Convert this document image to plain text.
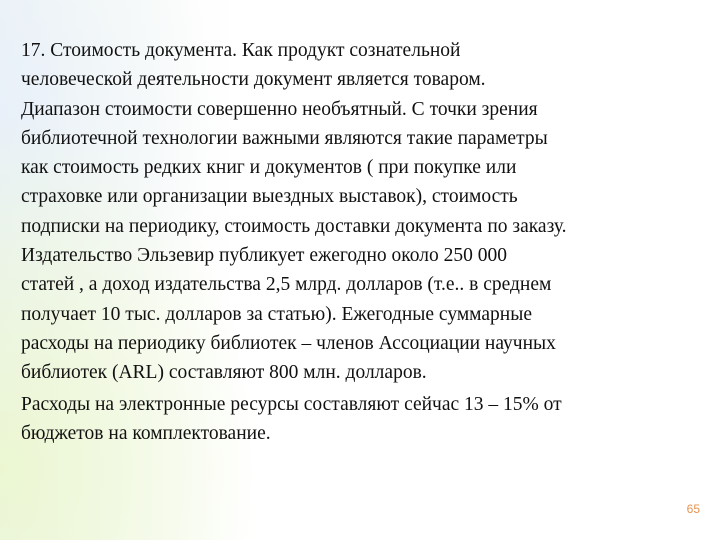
17. Стоимость документа. Как продукт сознательной
человеческой деятельности документ является товаром.
Диапазон стоимости совершенно необъятный. С точки зрения
библиотечной технологии важными являются такие параметры
как стоимость редких книг и документов ( при покупке или
страховке или организации выездных выставок), стоимость
подписки на периодику, стоимость доставки документа по заказу.
Издательство Эльзевир публикует ежегодно около 250 000
статей , а доход издательства 2,5 млрд. долларов (т.е.. в среднем
получает 10 тыс. долларов за статью). Ежегодные суммарные
расходы на периодику библиотек – членов Ассоциации научных
библиотек (ARL) составляют 800 млн. долларов.

Расходы на электронные ресурсы составляют сейчас 13 – 15% от
бюджетов на комплектование.

65
